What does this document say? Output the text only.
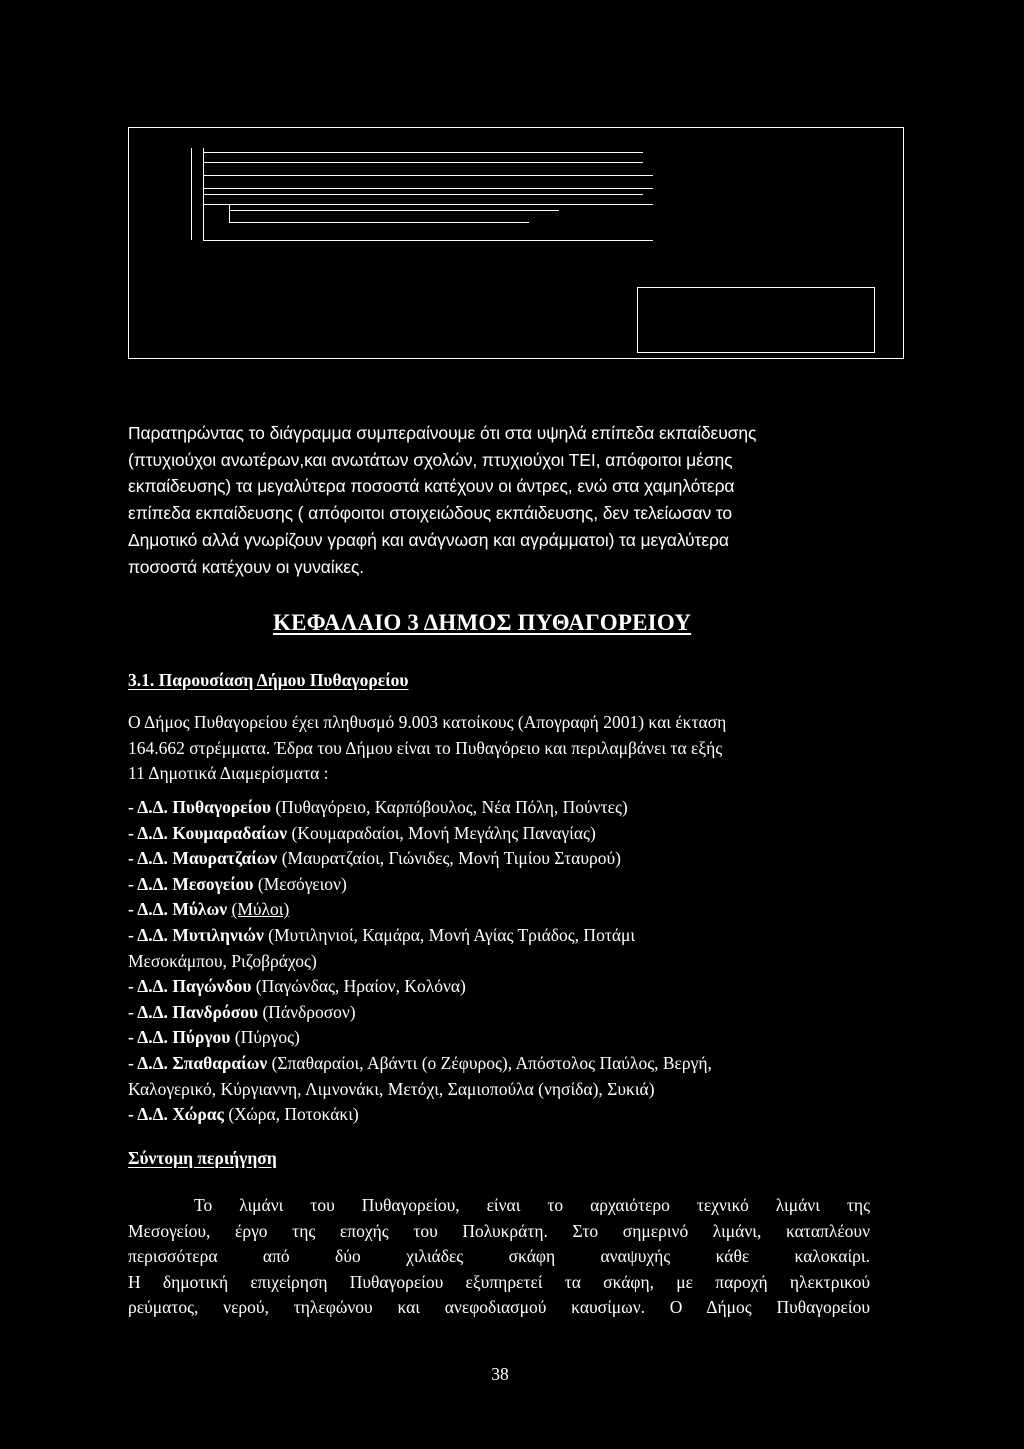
Παρατηρώντας το διάγραμμα συμπεραίνουμε ότι στα υψηλά επίπεδα εκπαίδευσης
(πτυχιούχοι ανωτέρων,και ανωτάτων σχολών, πτυχιούχοι ΤΕΙ, απόφοιτοι μέσης
εκπαίδευσης) τα μεγαλύτερα ποσοστά κατέχουν οι άντρες, ενώ στα χαμηλότερα
επίπεδα εκπαίδευσης ( απόφοιτοι στοιχειώδους εκπάιδευσης, δεν τελείωσαν το
Δημοτικό αλλά γνωρίζουν γραφή και ανάγνωση και αγράμματοι) τα μεγαλύτερα
ποσοστά κατέχουν οι γυναίκες.
ΚΕΦΑΛΑΙΟ 3 ΔΗΜΟΣ ΠΥΘΑΓΟΡΕΙΟΥ
3.1. Παρουσίαση Δήμου Πυθαγορείου
Ο Δήμος Πυθαγορείου έχει πληθυσμό 9.003 κατοίκους (Απογραφή 2001) και έκταση
164.662 στρέμματα. Έδρα του Δήμου είναι το Πυθαγόρειο και περιλαμβάνει τα εξής
11 Δημοτικά Διαμερίσματα :
- Δ.Δ. Πυθαγορείου (Πυθαγόρειο, Καρπόβουλος, Νέα Πόλη, Πούντες)
- Δ.Δ. Κουμαραδαίων (Κουμαραδαίοι, Μονή Μεγάλης Παναγίας)
- Δ.Δ. Μαυρατζαίων (Μαυρατζαίοι, Γιώνιδες, Μονή Τιμίου Σταυρού)
- Δ.Δ. Μεσογείου (Μεσόγειον)
- Δ.Δ. Μύλων (Μύλοι)
- Δ.Δ. Μυτιληνιών (Μυτιληνιοί, Καμάρα, Μονή Αγίας Τριάδος, Ποτάμι
Μεσοκάμπου, Ριζοβράχος)
- Δ.Δ. Παγώνδου (Παγώνδας, Ηραίον, Κολόνα)
- Δ.Δ. Πανδρόσου (Πάνδροσον)
- Δ.Δ. Πύργου (Πύργος)
- Δ.Δ. Σπαθαραίων (Σπαθαραίοι, Αβάντι (ο Ζέφυρος), Απόστολος Παύλος, Βεργή,
Καλογερικό, Κύργιαννη, Λιμνονάκι, Μετόχι, Σαμιοπούλα (νησίδα), Συκιά)
- Δ.Δ. Χώρας (Χώρα, Ποτοκάκι)
Σύντομη περιήγηση
Το λιμάνι του Πυθαγορείου, είναι το αρχαιότερο τεχνικό λιμάνι της
Μεσογείου, έργο της εποχής του Πολυκράτη. Στο σημερινό λιμάνι, καταπλέουν
περισσότερα από δύο χιλιάδες σκάφη αναψυχής κάθε καλοκαίρι.
Η δημοτική επιχείρηση Πυθαγορείου εξυπηρετεί τα σκάφη, με παροχή ηλεκτρικού
ρεύματος, νερού, τηλεφώνου και ανεφοδιασμού καυσίμων. Ο Δήμος Πυθαγορείου
38
